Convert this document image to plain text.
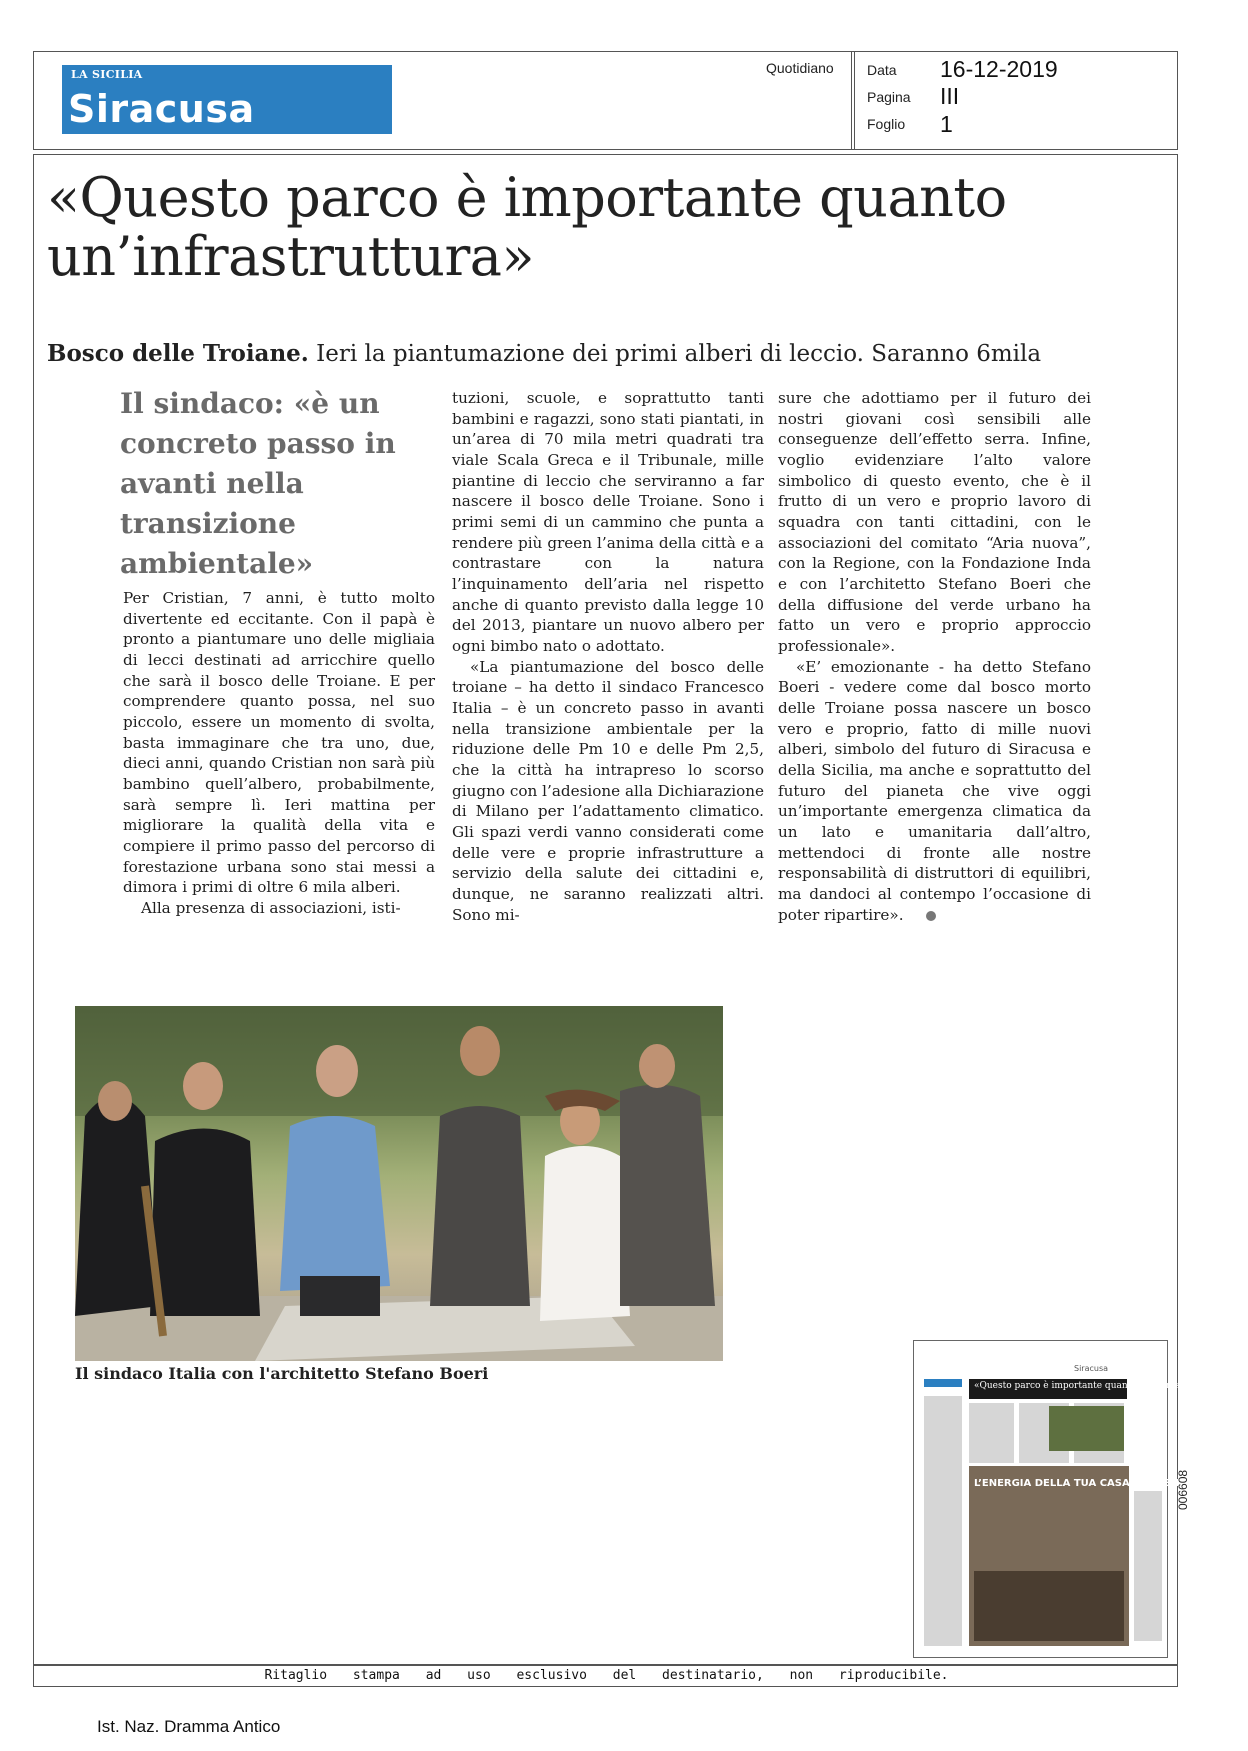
LA SICILIA
Siracusa
Quotidiano Data 16-12-2019
Pagina III
Foglio 1
«Questo parco è importante quanto un’infrastruttura»
Bosco delle Troiane. Ieri la piantumazione dei primi alberi di leccio. Saranno 6mila
Il sindaco: «è un concreto passo in avanti nella transizione ambientale»

Per Cristian, 7 anni, è tutto molto divertente ed eccitante. Con il papà è pronto a piantumare uno delle migliaia di lecci destinati ad arricchire quello che sarà il bosco delle Troiane. E per comprendere quanto possa, nel suo piccolo, essere un momento di svolta, basta immaginare che tra uno, due, dieci anni, quando Cristian non sarà più bambino quell’albero, probabilmente, sarà sempre lì. Ieri mattina per migliorare la qualità della vita e compiere il primo passo del percorso di forestazione urbana sono stai messi a dimora i primi di oltre 6 mila alberi.

Alla presenza di associazioni, isti-

tuzioni, scuole, e soprattutto tanti bambini e ragazzi, sono stati piantati, in un’area di 70 mila metri quadrati tra viale Scala Greca e il Tribunale, mille piantine di leccio che serviranno a far nascere il bosco delle Troiane. Sono i primi semi di un cammino che punta a rendere più green l’anima della città e a contrastare con la natura l’inquinamento dell’aria nel rispetto anche di quanto previsto dalla legge 10 del 2013, piantare un nuovo albero per ogni bimbo nato o adottato.

«La piantumazione del bosco delle troiane – ha detto il sindaco Francesco Italia – è un concreto passo in avanti nella transizione ambientale per la riduzione delle Pm 10 e delle Pm 2,5, che la città ha intrapreso lo scorso giugno con l’adesione alla Dichiarazione di Milano per l’adattamento climatico. Gli spazi verdi vanno considerati come delle vere e proprie infrastrutture a servizio della salute dei cittadini e, dunque, ne saranno realizzati altri. Sono mi-

sure che adottiamo per il futuro dei nostri giovani così sensibili alle conseguenze dell’effetto serra. Infine, voglio evidenziare l’alto valore simbolico di questo evento, che è il frutto di un vero e proprio lavoro di squadra con tanti cittadini, con le associazioni del comitato “Aria nuova”, con la Regione, con la Fondazione Inda e con l’architetto Stefano Boeri che della diffusione del verde urbano ha fatto un vero e proprio approccio professionale».

«E’ emozionante - ha detto Stefano Boeri - vedere come dal bosco morto delle Troiane possa nascere un bosco vero e proprio, fatto di mille nuovi alberi, simbolo del futuro di Siracusa e della Sicilia, ma anche e soprattutto del futuro del pianeta che vive oggi un’importante emergenza climatica da un lato e umanitaria dall’altro, mettendoci di fronte alle nostre responsabilità di distruttori di equilibri, ma dandoci al contempo l’occasione di poter ripartire».

Il sindaco Italia con l'architetto Stefano Boeri
«Questo parco è importante quanto un’infrastruttura»
Siracusa
L’ENERGIA DELLA TUA CASA È INTELLIGENTE?
006608
Ritaglio stampa ad uso esclusivo del destinatario, non riproducibile.
Ist. Naz. Dramma Antico
